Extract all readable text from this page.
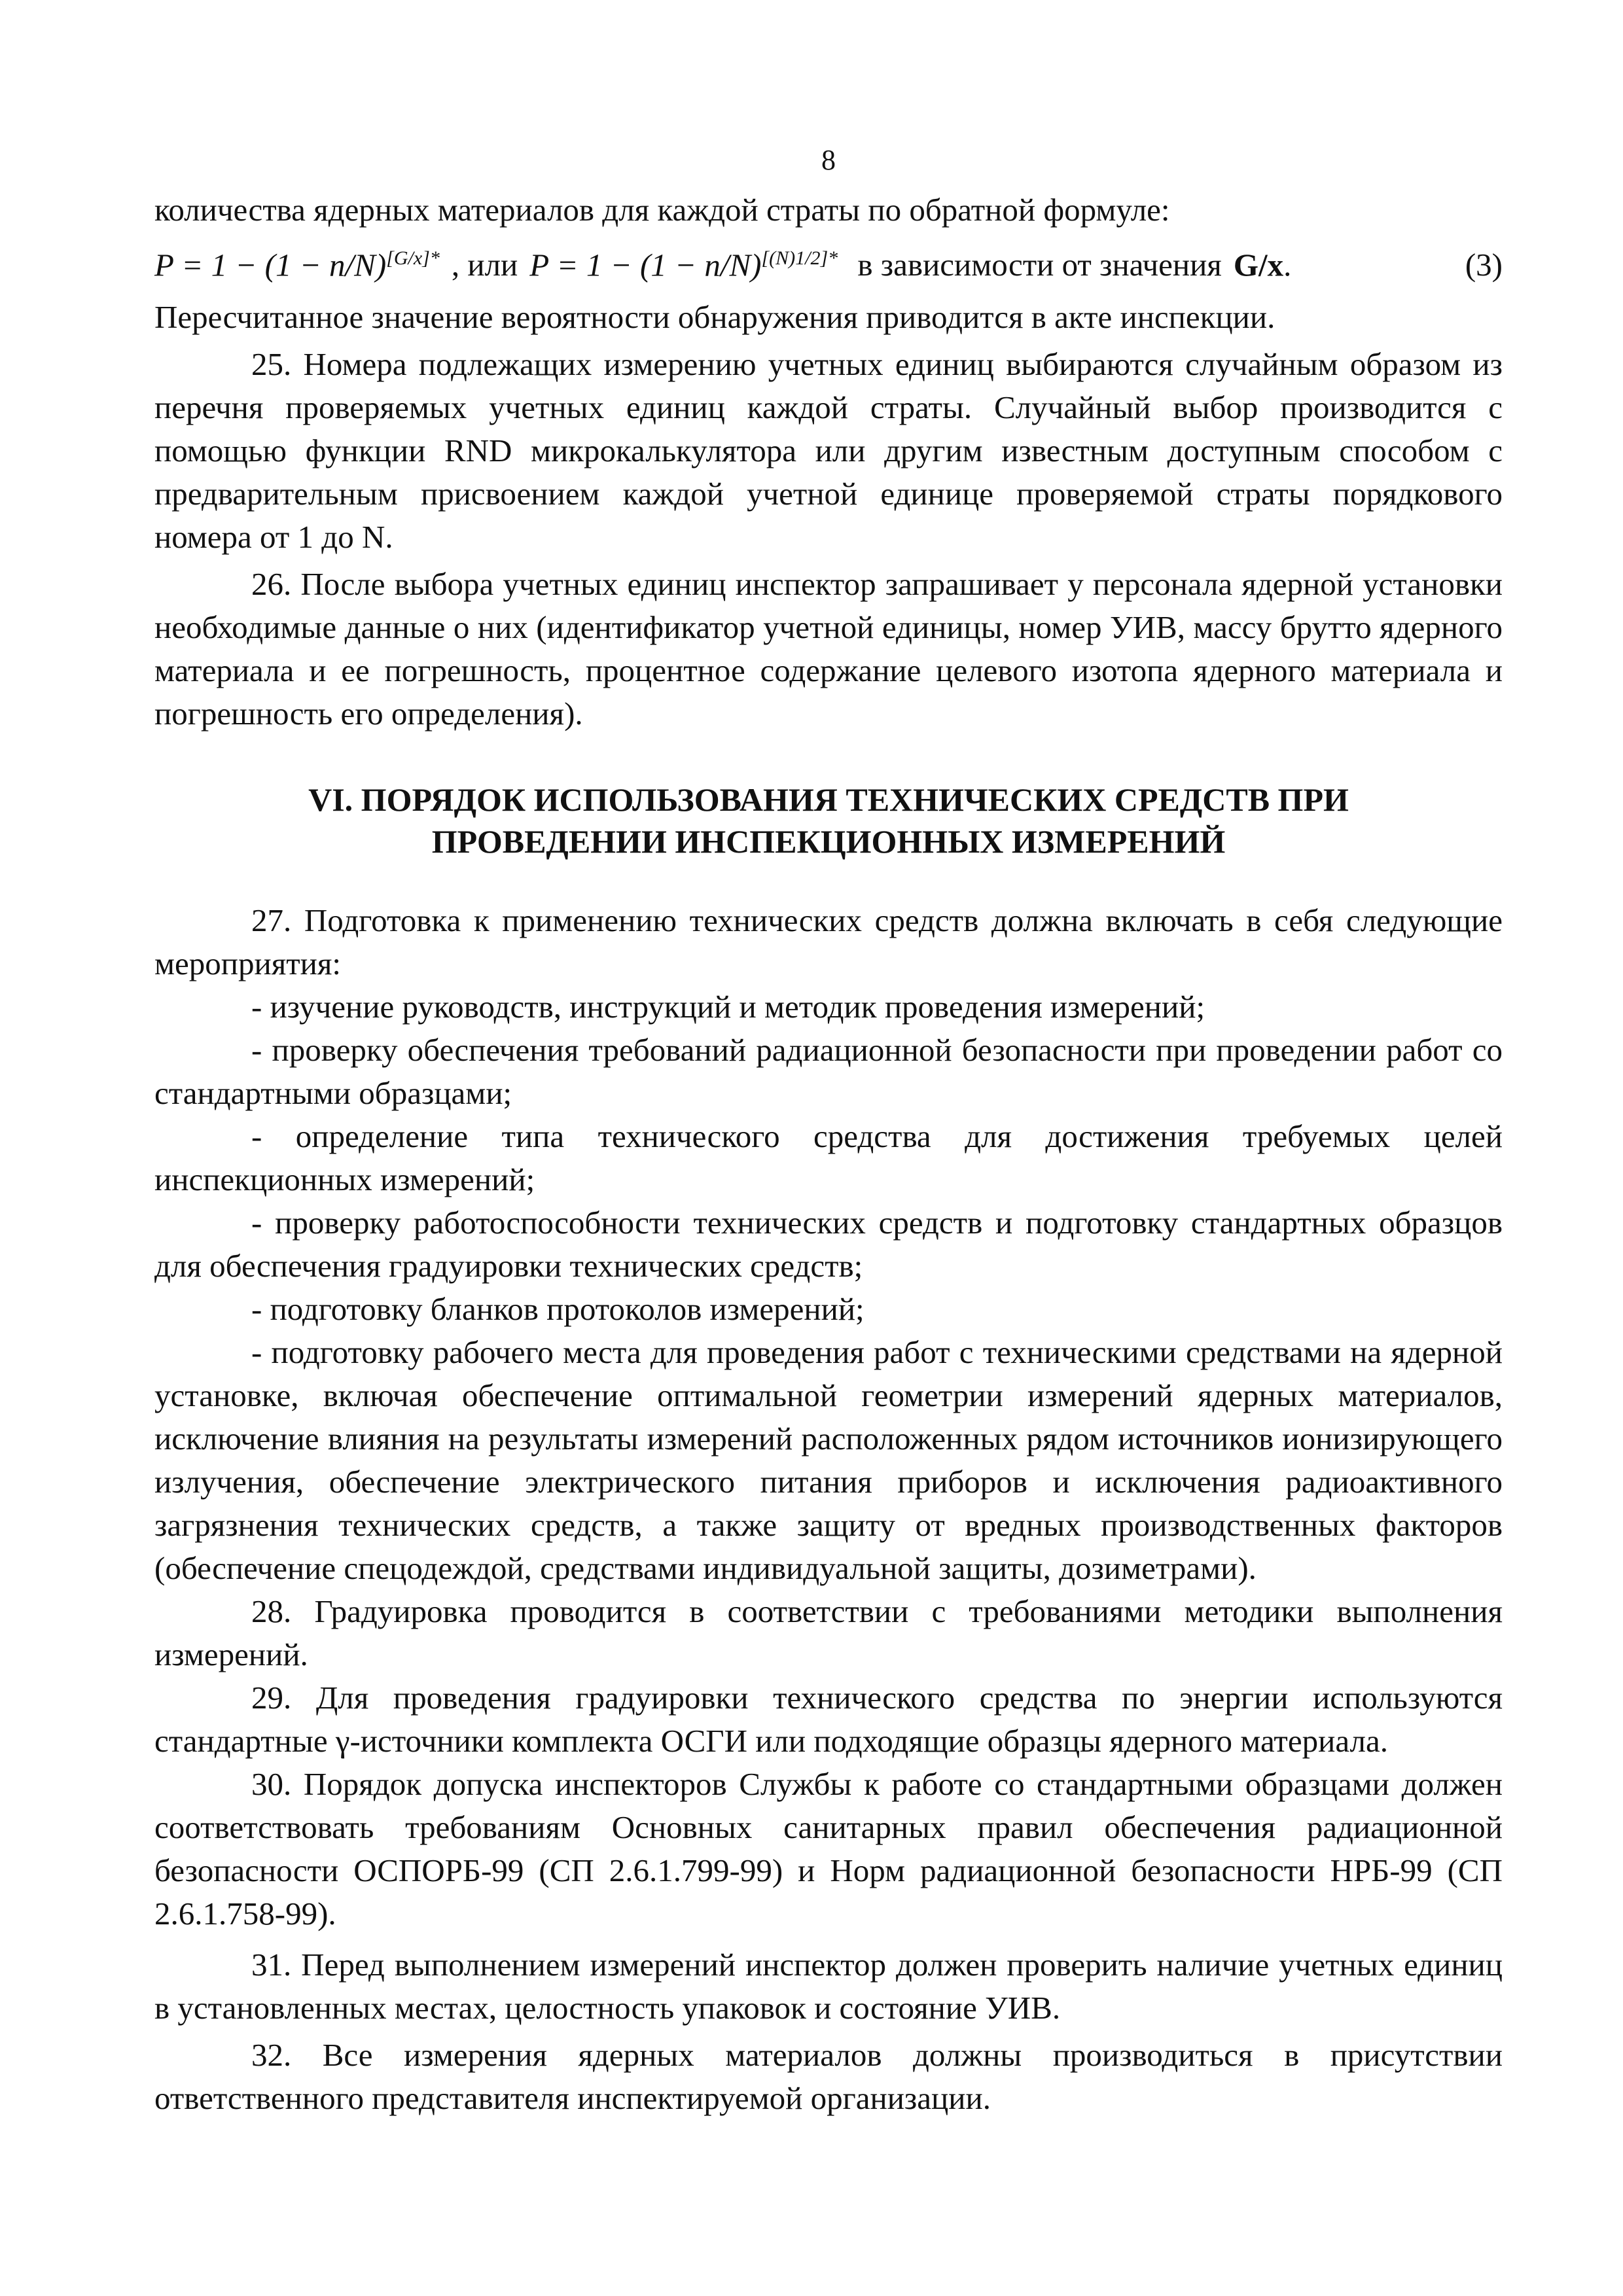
8

количества ядерных материалов для каждой страты по обратной формуле:

$P = 1 - (1 - n/N)^{[G/x]*}$ , или $P = 1 - (1 - n/N)^{[(N)1/2]*}$ в зависимости от значения G/x.	(3)

Пересчитанное значение вероятности обнаружения приводится в акте инспекции.

25. Номера подлежащих измерению учетных единиц выбираются случайным образом из перечня проверяемых учетных единиц каждой страты. Случайный выбор производится с помощью функции RND микрокалькулятора или другим известным доступным способом с предварительным присвоением каждой учетной единице проверяемой страты порядкового номера от 1 до N.

26. После выбора учетных единиц инспектор запрашивает у персонала ядерной установки необходимые данные о них (идентификатор учетной единицы, номер УИВ, массу брутто ядерного материала и ее погрешность, процентное содержание целевого изотопа ядерного материала и погрешность его определения).

VI. ПОРЯДОК ИСПОЛЬЗОВАНИЯ ТЕХНИЧЕСКИХ СРЕДСТВ ПРИ
ПРОВЕДЕНИИ ИНСПЕКЦИОННЫХ ИЗМЕРЕНИЙ

27. Подготовка к применению технических средств должна включать в себя следующие мероприятия:

- изучение руководств, инструкций и методик проведения измерений;

- проверку обеспечения требований радиационной безопасности при проведении работ со стандартными образцами;

- определение типа технического средства для достижения требуемых целей инспекционных измерений;

- проверку работоспособности технических средств и подготовку стандартных образцов для обеспечения градуировки технических средств;

- подготовку бланков протоколов измерений;

- подготовку рабочего места для проведения работ с техническими средствами на ядерной установке, включая обеспечение оптимальной геометрии измерений ядерных материалов, исключение влияния на результаты измерений расположенных рядом источников ионизирующего излучения, обеспечение электрического питания приборов и исключения радиоактивного загрязнения технических средств, а также защиту от вредных производственных факторов (обеспечение спецодеждой, средствами индивидуальной защиты, дозиметрами).

28. Градуировка проводится в соответствии с требованиями методики выполнения измерений.

29. Для проведения градуировки технического средства по энергии используются стандартные γ-источники комплекта ОСГИ или подходящие образцы ядерного материала.

30. Порядок допуска инспекторов Службы к работе со стандартными образцами должен соответствовать требованиям Основных санитарных правил обеспечения радиационной безопасности ОСПОРБ-99 (СП 2.6.1.799-99) и Норм радиационной безопасности НРБ-99 (СП 2.6.1.758-99).

31. Перед выполнением измерений инспектор должен проверить наличие учетных единиц в установленных местах, целостность упаковок и состояние УИВ.

32. Все измерения ядерных материалов должны производиться в присутствии ответственного представителя инспектируемой организации.
